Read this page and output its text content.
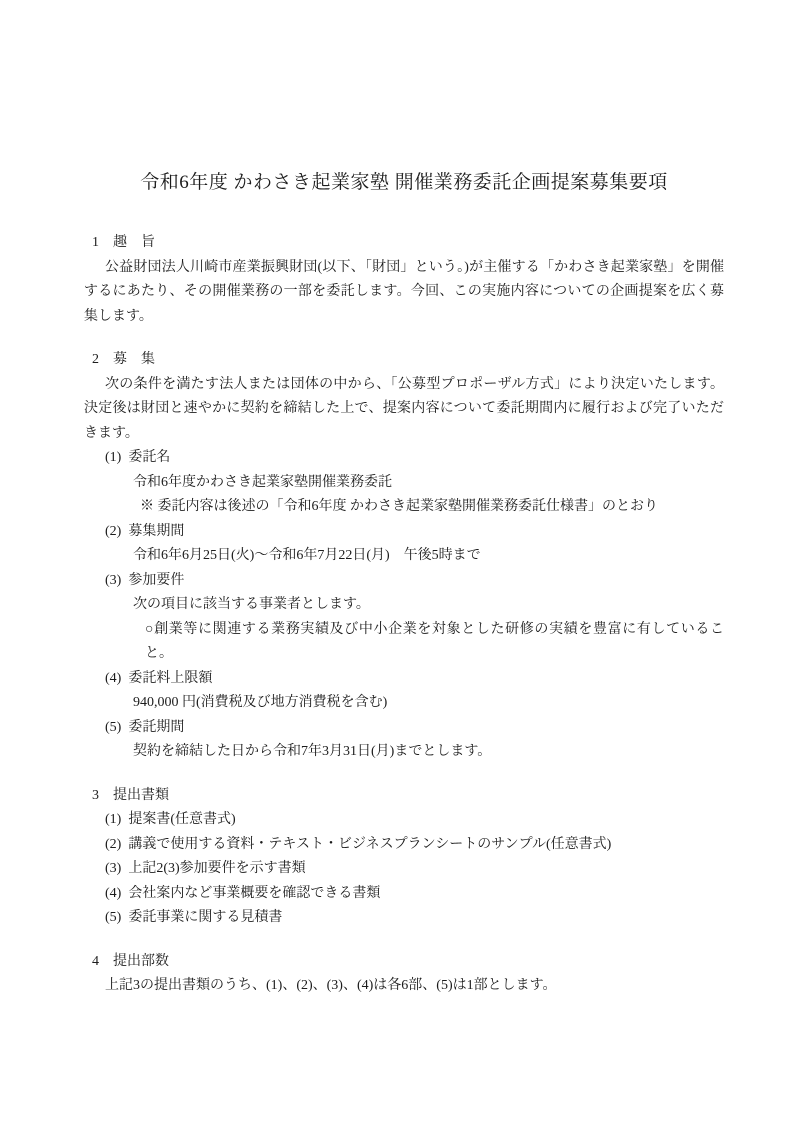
令和6年度 かわさき起業家塾 開催業務委託企画提案募集要項
1　趣　旨

公益財団法人川崎市産業振興財団(以下、「財団」という。)が主催する「かわさき起業家塾」を開催するにあたり、その開催業務の一部を委託します。今回、この実施内容についての企画提案を広く募集します。

2　募　集

次の条件を満たす法人または団体の中から、「公募型プロポーザル方式」により決定いたします。決定後は財団と速やかに契約を締結した上で、提案内容について委託期間内に履行および完了いただきます。

(1) 委託名
令和6年度かわさき起業家塾開催業務委託
※ 委託内容は後述の「令和6年度 かわさき起業家塾開催業務委託仕様書」のとおり
(2) 募集期間
令和6年6月25日(火)～令和6年7月22日(月)　午後5時まで
(3) 参加要件
次の項目に該当する事業者とします。
○創業等に関連する業務実績及び中小企業を対象とした研修の実績を豊富に有していること。
(4) 委託料上限額
940,000 円(消費税及び地方消費税を含む)
(5) 委託期間
契約を締結した日から令和7年3月31日(月)までとします。
3　提出書類
(1) 提案書(任意書式)
(2) 講義で使用する資料・テキスト・ビジネスプランシートのサンプル(任意書式)
(3) 上記2(3)参加要件を示す書類
(4) 会社案内など事業概要を確認できる書類
(5) 委託事業に関する見積書
4　提出部数

上記3の提出書類のうち、(1)、(2)、(3)、(4)は各6部、(5)は1部とします。
